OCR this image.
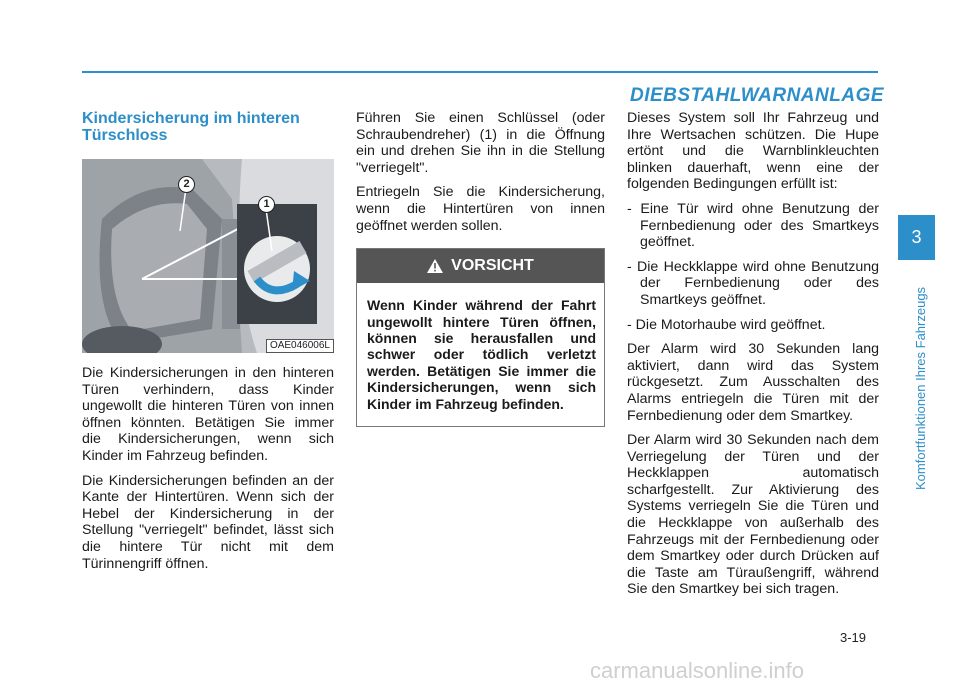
Kindersicherung im hinteren Türschloss
1
2
OAE046006L

Die Kindersicherungen in den hinteren Türen verhindern, dass Kinder ungewollt die hinteren Türen von innen öffnen könnten. Betätigen Sie immer die Kindersicherungen, wenn sich Kinder im Fahrzeug befinden.

Die Kindersicherungen befinden an der Kante der Hintertüren. Wenn sich der Hebel der Kindersicherung in der Stellung "verriegelt" befindet, lässt sich die hintere Tür nicht mit dem Türinnengriff öffnen.

Führen Sie einen Schlüssel (oder Schraubendreher) (1) in die Öffnung ein und drehen Sie ihn in die Stellung "verriegelt".

Entriegeln Sie die Kindersicherung, wenn die Hintertüren von innen geöffnet werden sollen.

VORSICHT
Wenn Kinder während der Fahrt ungewollt hintere Türen öffnen, können sie herausfallen und schwer oder tödlich verletzt werden. Betätigen Sie immer die Kindersicherungen, wenn sich Kinder im Fahrzeug befinden.
DIEBSTAHLWARNANLAGE

Dieses System soll Ihr Fahrzeug und Ihre Wertsachen schützen. Die Hupe ertönt und die Warnblinkleuchten blinken dauerhaft, wenn eine der folgenden Bedingungen erfüllt ist:

- Eine Tür wird ohne Benutzung der Fernbedienung oder des Smartkeys geöffnet.

- Die Heckklappe wird ohne Benutzung der Fernbedienung oder des Smartkeys geöffnet.

- Die Motorhaube wird geöffnet.

Der Alarm wird 30 Sekunden lang aktiviert, dann wird das System rückgesetzt. Zum Ausschalten des Alarms entriegeln die Türen mit der Fernbedienung oder dem Smartkey.

Der Alarm wird 30 Sekunden nach dem Verriegelung der Türen und der Heckklappen automatisch scharfgestellt. Zur Aktivierung des Systems verriegeln Sie die Türen und die Heckklappe von außerhalb des Fahrzeugs mit der Fernbedienung oder dem Smartkey oder durch Drücken auf die Taste am Türaußengriff, während Sie den Smartkey bei sich tragen.

3
Komfortfunktionen Ihres Fahrzeugs
3-19
carmanualsonline.info
